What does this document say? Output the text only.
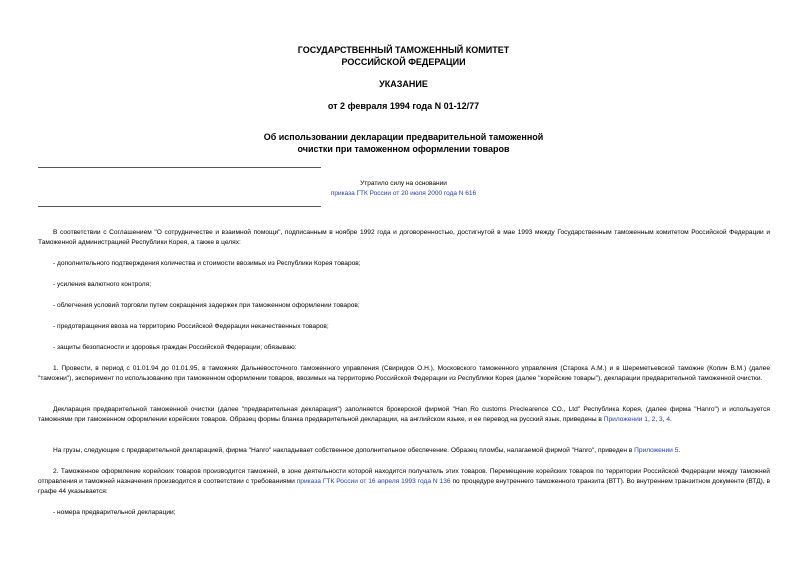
ГОСУДАРСТВЕННЫЙ ТАМОЖЕННЫЙ КОМИТЕТ
РОССИЙСКОЙ ФЕДЕРАЦИИ
УКАЗАНИЕ
от 2 февраля 1994 года N 01-12/77
Об использовании декларации предварительной таможенной
очистки при таможенном оформлении товаров
Утратило силу на основании
приказа ГТК России от 20 июля 2000 года N 616
В соответствии с Соглашением "О сотрудничестве и взаимной помощи", подписанным в ноябре 1992 года и договоренностью, достигнутой в мае 1993 между Государственным таможенным комитетом Российской Федерации и Таможенной администрацией Республики Корея, а также в целях:
- дополнительного подтверждения количества и стоимости ввозимых из Республики Корея товаров;
- усиления валютного контроля;
- облегчения условий торговли путем сокращения задержек при таможенном оформлении товаров;
- предотвращения ввоза на территорию Российской Федерации некачественных товаров;
- защиты безопасности и здоровья граждан Российской Федерации; обязываю:
1. Провести, в период с 01.01.94 до 01.01.95, в таможнях Дальневосточного таможенного управления (Свиридов О.Н.), Московского таможенного управления (Старока А.М.) и в Шереметьевской таможне (Копин В.М.) (далее "таможни"), эксперимент по использованию при таможенном оформлении товаров, ввозимых на территорию Российской Федерации из Республики Корея (далее "корейские товары"), декларации предварительной таможенной очистки.
Декларация предварительной таможенной очистки (далее "предварительная декларация") заполняется брокерской фирмой "Han Ro customs Preclearence CO., Ltd" Республика Корея, (далее фирма "Hanro") и используется таможнями при таможенном оформлении корейских товаров. Образец формы бланка предварительной декларации, на английском языке, и ее перевод на русский язык, приведены в Приложении 1, 2, 3, 4.
На грузы, следующие с предварительной декларацией, фирма "Hanro" накладывает собственное дополнительное обеспечение. Образец пломбы, налагаемой фирмой "Hanro", приведен в Приложении 5.
2. Таможенное оформление корейских товаров производится таможней, в зоне деятельности которой находится получатель этих товаров. Перемещение корейских товаров по территории Российской Федерации между таможней отправления и таможней назначения производится в соответствии с требованиями приказа ГТК России от 16 апреля 1993 года N 136 по процедуре внутреннего таможенного транзита (ВТТ). Во внутреннем транзитном документе (ВТД), в графе 44 указывается:
- номера предварительной декларации;
